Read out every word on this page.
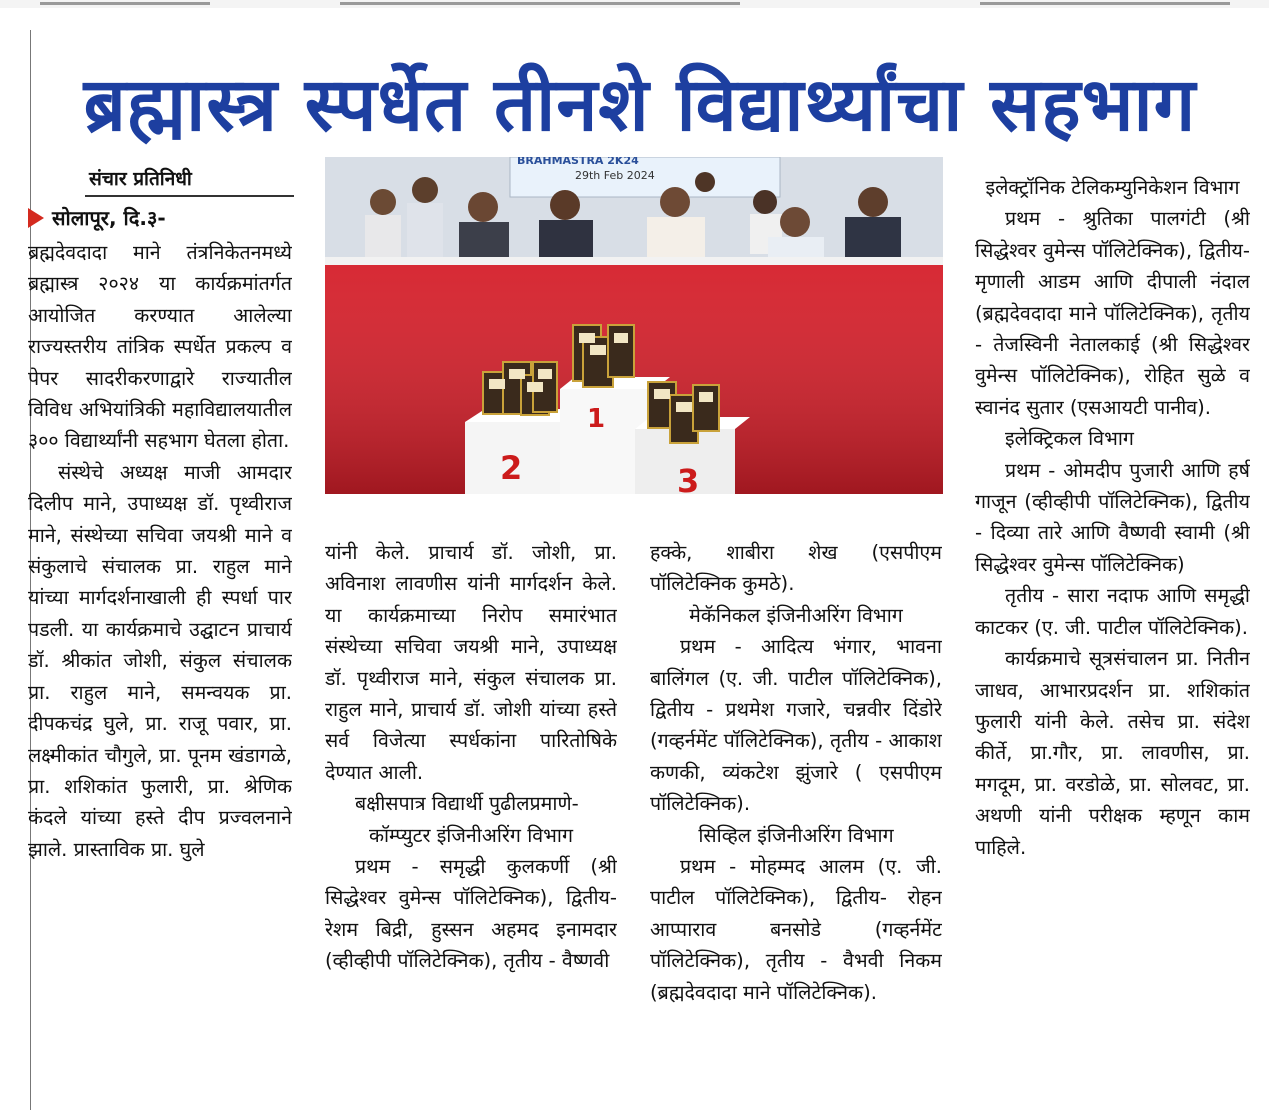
ब्रह्मास्त्र स्पर्धेत तीनशे विद्यार्थ्यांचा सहभाग
संचार प्रतिनिधी
सोलापूर, दि.३-
BRAHMASTRA 2K24
29th Feb 2024
2
1
3

ब्रह्मदेवदादा माने तंत्रनिकेतनमध्ये ब्रह्मास्त्र २०२४ या कार्यक्रमांतर्गत आयोजित करण्यात आलेल्या राज्यस्तरीय तांत्रिक स्पर्धेत प्रकल्प व पेपर सादरीकरणाद्वारे राज्यातील विविध अभियांत्रिकी महाविद्यालयातील ३०० विद्यार्थ्यांनी सहभाग घेतला होता.

संस्थेचे अध्यक्ष माजी आमदार दिलीप माने, उपाध्यक्ष डॉ. पृथ्वीराज माने, संस्थेच्या सचिवा जयश्री माने व संकुलाचे संचालक प्रा. राहुल माने यांच्या मार्गदर्शनाखाली ही स्पर्धा पार पडली. या कार्यक्रमाचे उद्घाटन प्राचार्य डॉ. श्रीकांत जोशी, संकुल संचालक प्रा. राहुल माने, समन्वयक प्रा. दीपकचंद्र घुले, प्रा. राजू पवार, प्रा. लक्ष्मीकांत चौगुले, प्रा. पूनम खंडागळे, प्रा. शशिकांत फुलारी, प्रा. श्रेणिक कंदले यांच्या हस्ते दीप प्रज्वलनाने झाले. प्रास्ताविक प्रा. घुले

यांनी केले. प्राचार्य डॉ. जोशी, प्रा. अविनाश लावणीस यांनी मार्गदर्शन केले. या कार्यक्रमाच्या निरोप समारंभात संस्थेच्या सचिवा जयश्री माने, उपाध्यक्ष डॉ. पृथ्वीराज माने, संकुल संचालक प्रा. राहुल माने, प्राचार्य डॉ. जोशी यांच्या हस्ते सर्व विजेत्या स्पर्धकांना पारितोषिके देण्यात आली.

बक्षीसपात्र विद्यार्थी पुढीलप्रमाणे-

कॉम्प्युटर इंजिनीअरिंग विभाग

प्रथम - समृद्धी कुलकर्णी (श्री सिद्धेश्वर वुमेन्स पॉलिटेक्निक), द्वितीय- रेशम बिद्री, हुस्सन अहमद इनामदार (व्हीव्हीपी पॉलिटेक्निक), तृतीय - वैष्णवी

हक्के, शाबीरा शेख (एसपीएम पॉलिटेक्निक कुमठे).

मेकॅनिकल इंजिनीअरिंग विभाग

प्रथम - आदित्य भंगार, भावना बालिंगल (ए. जी. पाटील पॉलिटेक्निक), द्वितीय - प्रथमेश गजारे, चन्नवीर दिंडोरे (गव्हर्नमेंट पॉलिटेक्निक), तृतीय - आकाश कणकी, व्यंकटेश झुंजारे ( एसपीएम पॉलिटेक्निक).

सिव्हिल इंजिनीअरिंग विभाग

प्रथम - मोहम्मद आलम (ए. जी. पाटील पॉलिटेक्निक), द्वितीय- रोहन आप्पाराव बनसोडे (गव्हर्नमेंट पॉलिटेक्निक), तृतीय - वैभवी निकम (ब्रह्मदेवदादा माने पॉलिटेक्निक).

इलेक्ट्रॉनिक टेलिकम्युनिकेशन विभाग

प्रथम - श्रुतिका पालगंटी (श्री सिद्धेश्वर वुमेन्स पॉलिटेक्निक), द्वितीय- मृणाली आडम आणि दीपाली नंदाल (ब्रह्मदेवदादा माने पॉलिटेक्निक), तृतीय - तेजस्विनी नेतालकाई (श्री सिद्धेश्वर वुमेन्स पॉलिटेक्निक), रोहित सुळे व स्वानंद सुतार (एसआयटी पानीव).

इलेक्ट्रिकल विभाग

प्रथम - ओमदीप पुजारी आणि हर्ष गाजून (व्हीव्हीपी पॉलिटेक्निक), द्वितीय - दिव्या तारे आणि वैष्णवी स्वामी (श्री सिद्धेश्वर वुमेन्स पॉलिटेक्निक)

तृतीय - सारा नदाफ आणि समृद्धी काटकर (ए. जी. पाटील पॉलिटेक्निक).

कार्यक्रमाचे सूत्रसंचालन प्रा. नितीन जाधव, आभारप्रदर्शन प्रा. शशिकांत फुलारी यांनी केले. तसेच प्रा. संदेश कीर्ते, प्रा.गौर, प्रा. लावणीस, प्रा. मगदूम, प्रा. वरडोळे, प्रा. सोलवट, प्रा. अथणी यांनी परीक्षक म्हणून काम पाहिले.
